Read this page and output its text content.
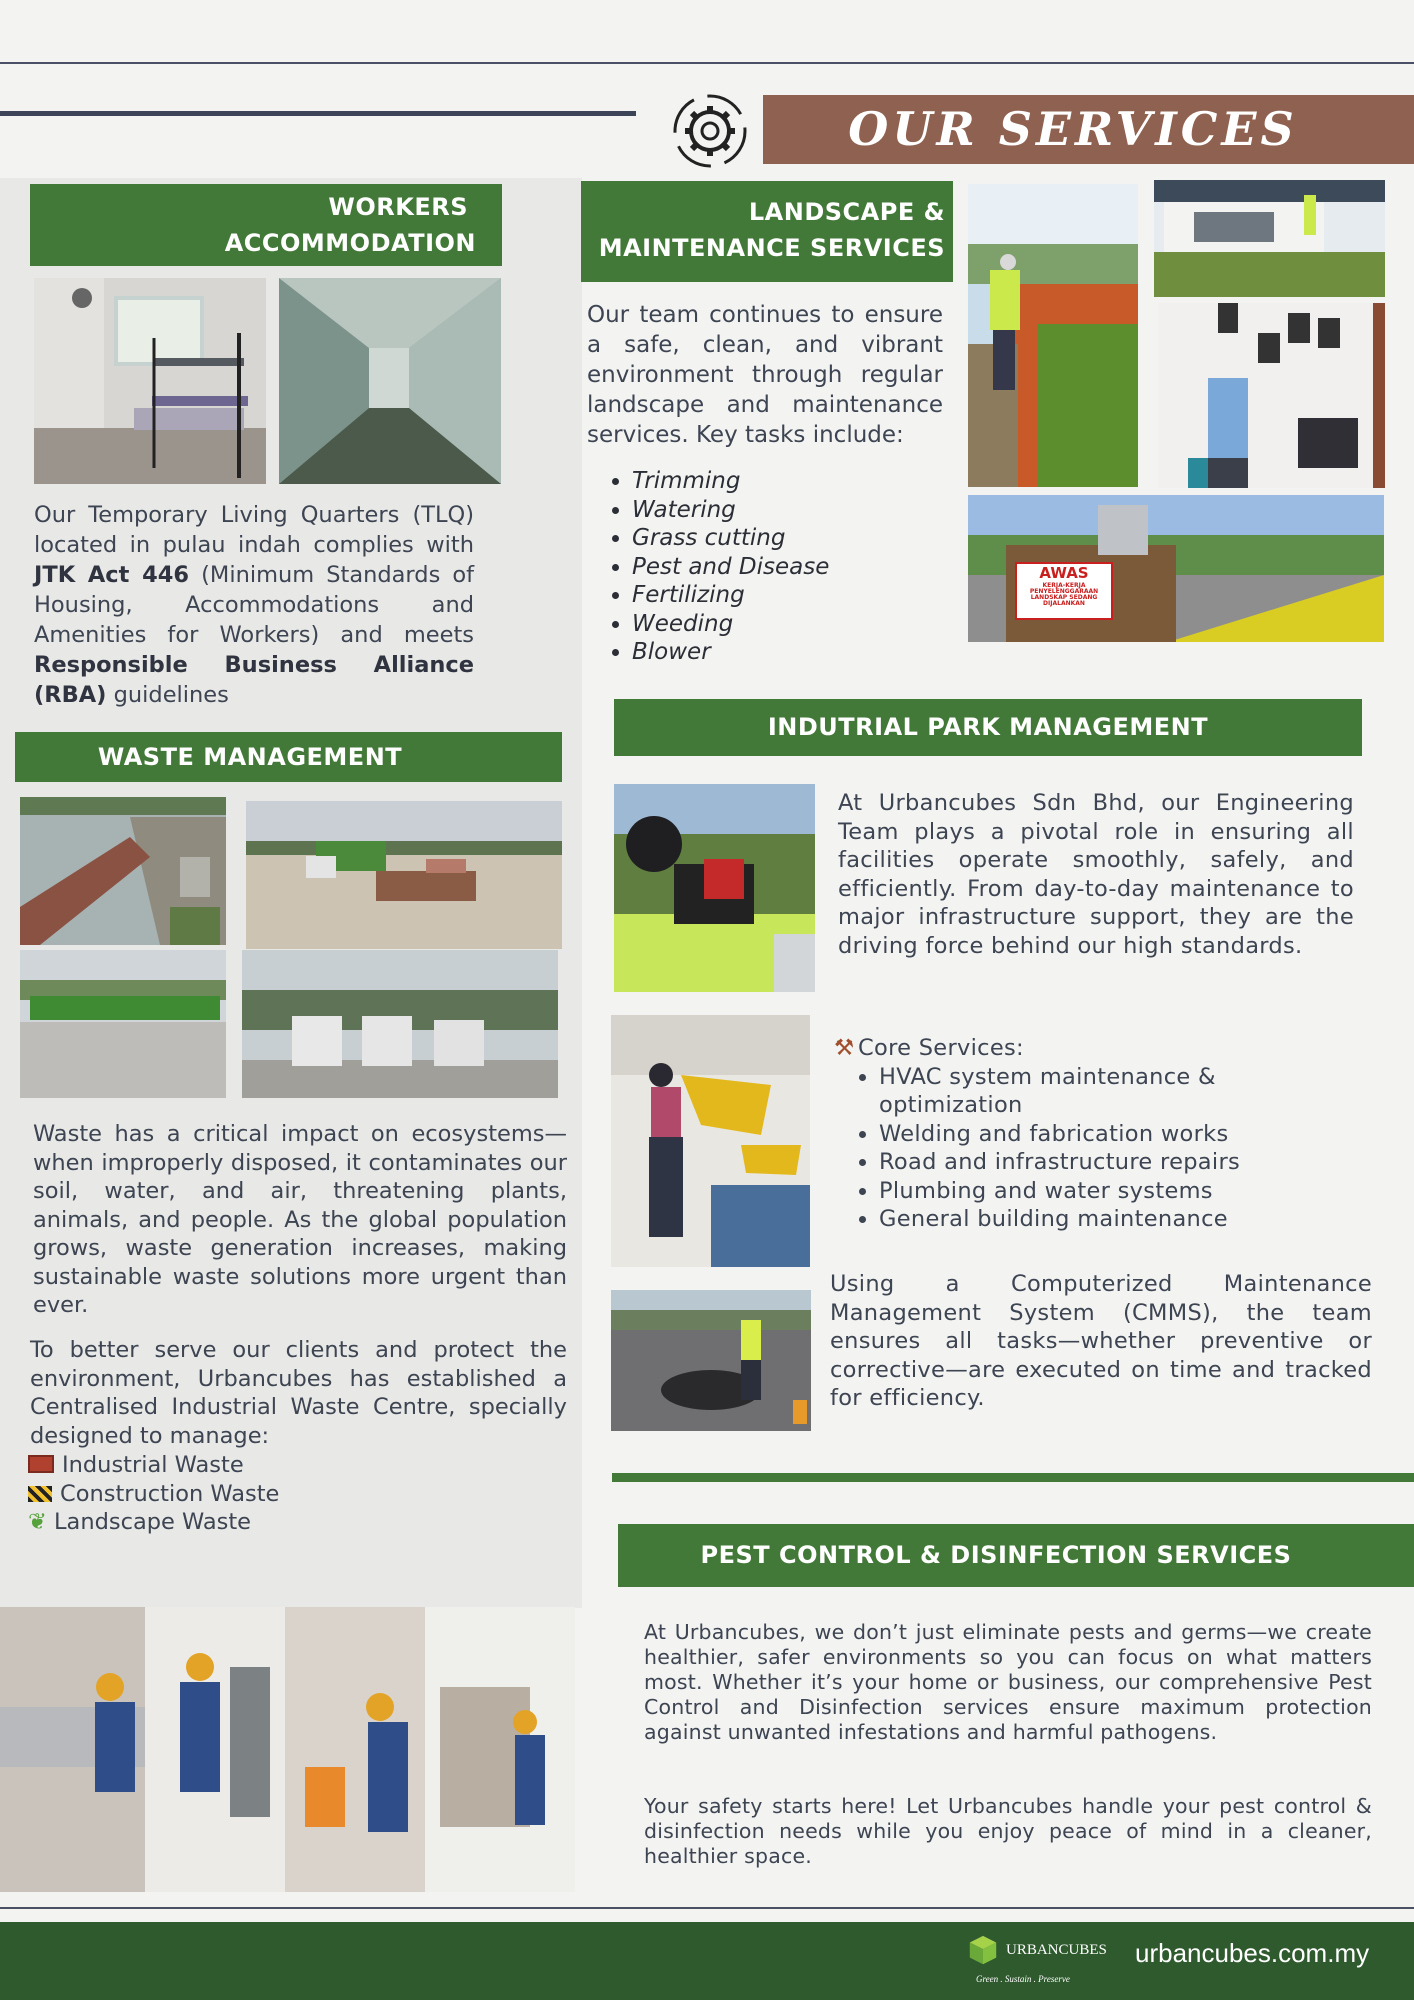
OUR SERVICES
WORKERS
ACCOMMODATION
Our Temporary Living Quarters (TLQ) located in pulau indah complies with JTK Act 446 (Minimum Standards of Housing, Accommodations and Amenities for Workers) and meets Responsible Business Alliance (RBA) guidelines
WASTE MANAGEMENT
Waste has a critical impact on ecosystems—when improperly disposed, it contaminates our soil, water, and air, threatening plants, animals, and people. As the global population grows, waste generation increases, making sustainable waste solutions more urgent than ever.
To better serve our clients and protect the environment, Urbancubes has established a Centralised Industrial Waste Centre, specially designed to manage:
Industrial Waste
Construction Waste
❦ Landscape Waste
LANDSCAPE &
MAINTENANCE SERVICES
Our team continues to ensure a safe, clean, and vibrant environment through regular landscape and maintenance services. Key tasks include:
• Trimming
• Watering
• Grass cutting
• Pest and Disease
• Fertilizing
• Weeding
• Blower
AWAS
KERJA-KERJA
PENYELENGGARAAN
LANDSKAP SEDANG
DIJALANKAN
INDUTRIAL PARK MANAGEMENT
At Urbancubes Sdn Bhd, our Engineering Team plays a pivotal role in ensuring all facilities operate smoothly, safely, and efficiently. From day-to-day maintenance to major infrastructure support, they are the driving force behind our high standards.
⚒ Core Services:
• HVAC system maintenance & optimization
• Welding and fabrication works
• Road and infrastructure repairs
• Plumbing and water systems
• General building maintenance
Using a Computerized Maintenance Management System (CMMS), the team ensures all tasks—whether preventive or corrective—are executed on time and tracked for efficiency.
PEST CONTROL & DISINFECTION SERVICES
At Urbancubes, we don’t just eliminate pests and germs—we create healthier, safer environments so you can focus on what matters most. Whether it’s your home or business, our comprehensive Pest Control and Disinfection services ensure maximum protection against unwanted infestations and harmful pathogens.
Your safety starts here! Let Urbancubes handle your pest control & disinfection needs while you enjoy peace of mind in a cleaner, healthier space.
URBANCUBES
Green . Sustain . Preserve
urbancubes.com.my
